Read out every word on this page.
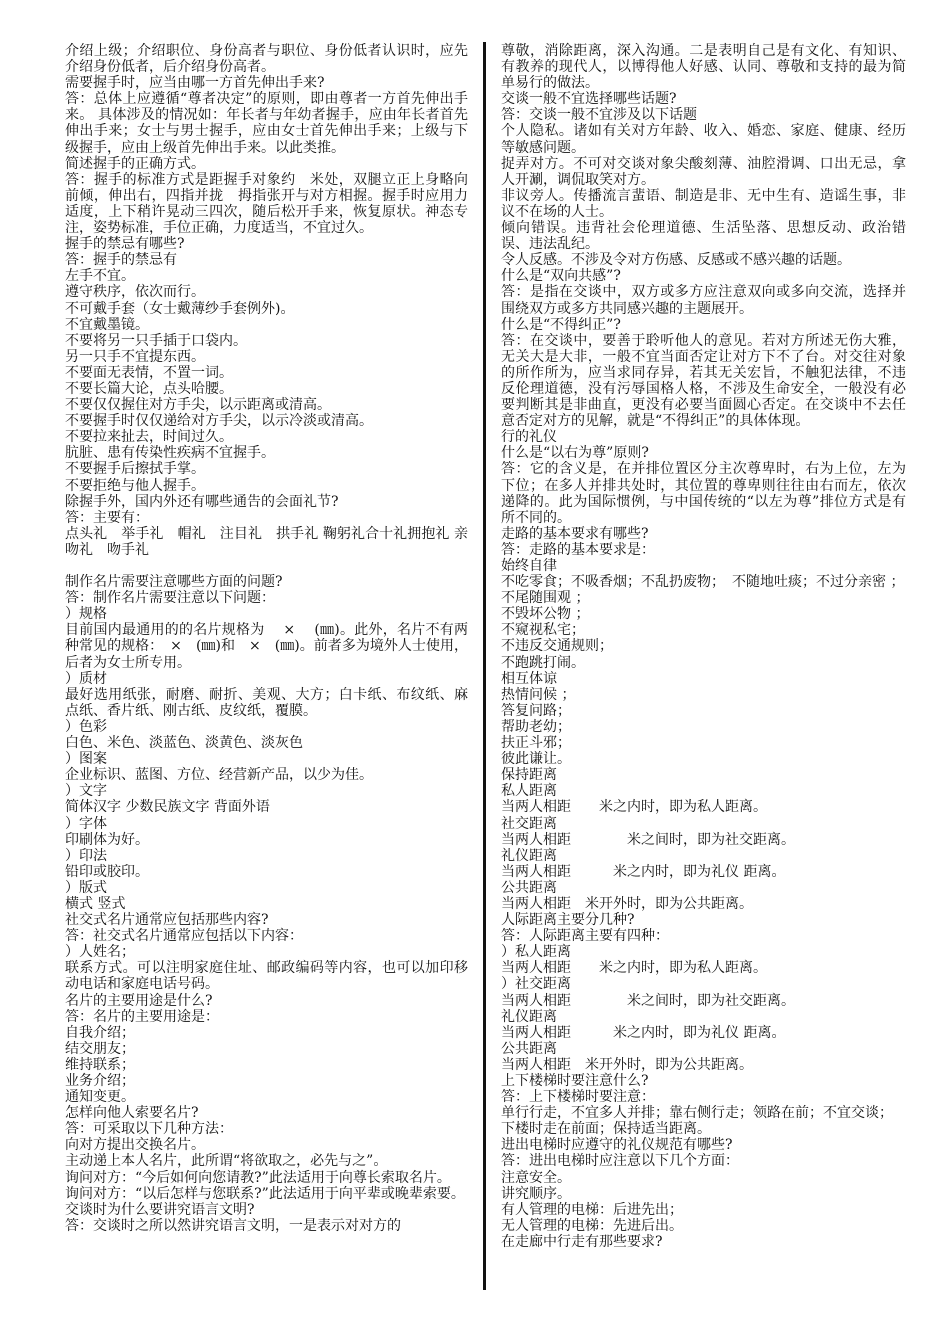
介绍上级；介绍职位、身份高者与职位、身份低者认识时，应先介绍身份低者，后介绍身份高者。

需要握手时，应当由哪一方首先伸出手来?

答：总体上应遵循“尊者决定”的原则，即由尊者一方首先伸出手来。 具体涉及的情况如：年长者与年幼者握手，应由年长者首先伸出手来；女士与男士握手，应由女士首先伸出手来；上级与下级握手，应由上级首先伸出手来。以此类推。

简述握手的正确方式。

答：握手的标准方式是距握手对象约　米处，双腿立正上身略向前倾，伸出右，四指并拢　拇指张开与对方相握。握手时应用力适度，上下稍许晃动三四次，随后松开手来，恢复原状。神态专注，姿势标准，手位正确，力度适当，不宜过久。

握手的禁忌有哪些?

答：握手的禁忌有

左手不宜。

遵守秩序，依次而行。

不可戴手套（女士戴薄纱手套例外)。

不宜戴墨镜。

不要将另一只手插于口袋内。

另一只手不宜提东西。

不要面无表情，不置一词。

不要长篇大论，点头哈腰。

不要仅仅握住对方手尖，以示距离或清高。

不要握手时仅仅递给对方手尖，以示冷淡或清高。

不要拉来扯去，时间过久。

肮脏、患有传染性疾病不宜握手。

不要握手后擦拭手掌。

不要拒绝与他人握手。

除握手外，国内外还有哪些通告的会面礼节?

答：主要有：

点头礼　举手礼　帽礼　注目礼　拱手礼 鞠躬礼合十礼拥抱礼 亲吻礼　吻手礼

制作名片需要注意哪些方面的问题?

答：制作名片需要注意以下问题：

）规格

目前国内最通用的的名片规格为　 ×　 (㎜)。此外，名片不有两种常见的规格：　×　(㎜)和　×　(㎜)。前者多为境外人士使用，后者为女士所专用。

）质材

最好选用纸张，耐磨、耐折、美观、大方；白卡纸、布纹纸、麻点纸、香片纸、刚古纸、皮纹纸，覆膜。

）色彩

白色、米色、淡蓝色、淡黄色、淡灰色

）图案

企业标识、蓝图、方位、经营新产品，以少为佳。

）文字

简体汉字 少数民族文字 背面外语

）字体

印刷体为好。

）印法

铅印或胶印。

）版式

横式 竖式

社交式名片通常应包括那些内容?

答：社交式名片通常应包括以下内容：

）人姓名；

联系方式。可以注明家庭住址、邮政编码等内容，也可以加印移动电话和家庭电话号码。

名片的主要用途是什么?

答：名片的主要用途是：

自我介绍；

结交朋友；

维持联系；

业务介绍；

通知变更。

怎样向他人索要名片?

答：可采取以下几种方法：

向对方提出交换名片。

主动递上本人名片，此所谓“将欲取之，必先与之”。

询问对方：“今后如何向您请教?”此法适用于向尊长索取名片。

询问对方：“以后怎样与您联系?”此法适用于向平辈或晚辈索要。

交谈时为什么要讲究语言文明?

答：交谈时之所以然讲究语言文明，一是表示对对方的

尊敬，消除距离，深入沟通。二是表明自己是有文化、有知识、有教养的现代人，以博得他人好感、认同、尊敬和支持的最为简单易行的做法。

交谈一般不宜选择哪些话题?

答：交谈一般不宜涉及以下话题

个人隐私。诸如有关对方年龄、收入、婚恋、家庭、健康、经历等敏感问题。

捉弄对方。不可对交谈对象尖酸刻薄、油腔滑调、口出无忌，拿人开涮，调侃取笑对方。

非议旁人。传播流言蜚语、制造是非、无中生有、造谣生事，非议不在场的人士。

倾向错误。违背社会伦理道德、生活坠落、思想反动、政治错误、违法乱纪。

令人反感。不涉及令对方伤感、反感或不感兴趣的话题。

什么是“双向共感”?

答：是指在交谈中，双方或多方应注意双向或多向交流，选择并围绕双方或多方共同感兴趣的主题展开。

什么是“不得纠正”?

答：在交谈中，要善于聆听他人的意见。若对方所述无伤大雅，无关大是大非，一般不宜当面否定让对方下不了台。对交往对象的所作所为，应当求同存异，若其无关宏旨，不触犯法律，不违反伦理道德，没有污辱国格人格，不涉及生命安全，一般没有必要判断其是非曲直，更没有必要当面圆心否定。在交谈中不去任意否定对方的见解，就是“不得纠正”的具体体现。

行的礼仪

什么是“以右为尊”原则?

答：它的含义是，在并排位置区分主次尊卑时，右为上位，左为下位；在多人并排共处时，其位置的尊卑则往往由右而左，依次递降的。此为国际惯例，与中国传统的“以左为尊”排位方式是有所不同的。

走路的基本要求有哪些?

答：走路的基本要求是：

始终自律

不吃零食；不吸香烟；不乱扔废物；　不随地吐痰；不过分亲密 ；

不尾随围观 ；

不毁坏公物 ；

不窥视私宅；

不违反交通规则；

不跑跳打闹。

相互体谅

热情问候 ；

答复问路；

帮助老幼；

扶正斗邪；

彼此谦让。

保持距离

私人距离

当两人相距　　米之内时，即为私人距离。

社交距离

当两人相距　　　　米之间时，即为社交距离。

礼仪距离

当两人相距　　　米之内时，即为礼仪 距离。

公共距离

当两人相距　米开外时，即为公共距离。

人际距离主要分几种?

答：人际距离主要有四种：

）私人距离

当两人相距　　米之内时，即为私人距离。

）社交距离

当两人相距　　　　米之间时，即为社交距离。

礼仪距离

当两人相距　　　米之内时，即为礼仪 距离。

公共距离

当两人相距　米开外时，即为公共距离。

上下楼梯时要注意什么?

答：上下楼梯时要注意：

单行行走，不宜多人并排；靠右侧行走；领路在前；不宜交谈；

下楼时走在前面；保持适当距离。

进出电梯时应遵守的礼仪规范有哪些?

答：进出电梯时应注意以下几个方面：

注意安全。

讲究顺序。

有人管理的电梯：后进先出；

无人管理的电梯：先进后出。

在走廊中行走有那些要求?
